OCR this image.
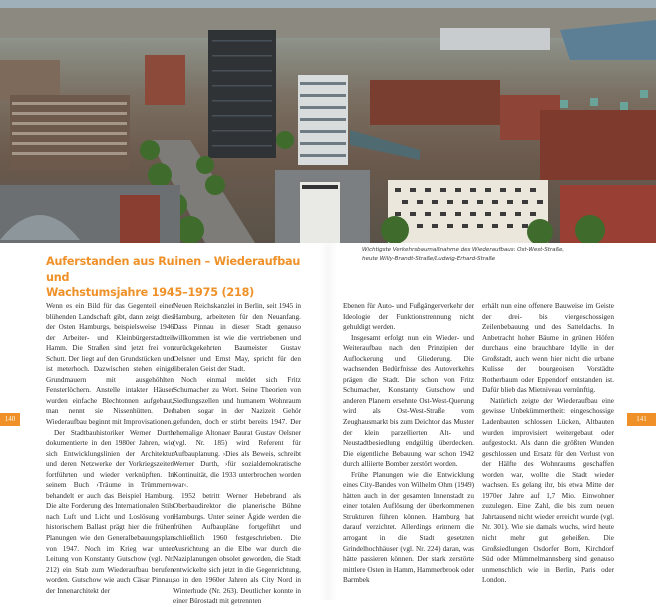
Wichtigste Verkehrsbaumaßnahme des Wiederaufbaus: Ost-West-Straße,
heute Willy-Brandt-Straße/Ludwig-Erhard-Straße
Auferstanden aus Ruinen – Wiederaufbau und
Wachstumsjahre 1945–1975 (218)

Wenn es ein Bild für das Gegenteil einer blühenden Landschaft gibt, dann zeigt dies der Osten Hamburgs, beispielsweise 1946 der Arbeiter- und Kleinbürgerstadtteil Hamm. Die Straßen sind jetzt frei von Schutt. Der liegt auf den Grundstücken und ist meterhoch. Dazwischen stehen einige Grundmauern mit ausgehöhlten Fensterlöchern. Anstelle intakter Häuser wurden einfache Blechtonnen aufgebaut, man nennt sie Nissenhütten. Der Wiederaufbau beginnt mit Improvisationen.

Der Stadtbauhistoriker Werner Durth dokumentierte in den 1980er Jahren, wie sich Entwicklungslinien der Architektur und deren Netzwerke der Vorkriegszeiten fortführten und wieder verknüpften. In seinem Buch ›Träume in Trümmern‹ behandelt er auch das Beispiel Hamburg. Die alte Forderung des Internationalen Stils nach Luft und Licht und Loslösung von historischem Ballast prägt hier die frühen Planungen wie den Generalbebauungsplan von 1947. Noch im Krieg war unter Leitung von Konstanty Gutschow (vgl. Nr. 212) ein Stab zum Wiederaufbau berufen worden. Gutschow wie auch Cäsar Pinnau, der Innenarchitekt der

Neuen Reichskanzlei in Berlin, seit 1945 in Hamburg, arbeiteten für den Neuanfang. Dass Pinnau in dieser Stadt genauso willkommen ist wie die vertriebenen und zurückgekehrten Baumeister Gustav Oelsner und Ernst May, spricht für den liberalen Geist der Stadt.

Noch einmal meldet sich Fritz Schumacher zu Wort. Seine Theorien von Siedlungszellen und humanem Wohnraum haben sogar in der Nazizeit Gehör gefunden, doch er stirbt bereits 1947. Der ehemalige Altonaer Baurat Gustav Oelsner (vgl. Nr. 185) wird Referent für Aufbauplanung. ›Dies als Beweis, schreibt Werner Durth, ›für sozialdemokratische Kontinuität, die 1933 unterbrochen worden war‹.

1952 betritt Werner Hebebrand als Oberbaudirektor die planerische Bühne Hamburgs. Unter seiner Ägide werden die frühen Aufbaupläne fortgeführt und schließlich 1960 festgeschrieben. Die Ausrichtung an die Elbe war durch die Naziplanungen obsolet geworden, die Stadt entwickelte sich jetzt in die Gegenrichtung, so in den 1960er Jahren als City Nord in Winterhude (Nr. 263). Deutlicher konnte in einer Bürostadt mit getrennten

Ebenen für Auto- und Fußgängerverkehr der Ideologie der Funktionstrennung nicht gehuldigt werden.

Insgesamt erfolgt nun ein Wieder- und Weiteraufbau nach den Prinzipien der Auflockerung und Gliederung. Die wachsenden Bedürfnisse des Autoverkehrs prägen die Stadt. Die schon von Fritz Schumacher, Konstanty Gutschow und anderen Planern ersehnte Ost-West-Querung wird als Ost-West-Straße vom Zeughausmarkt bis zum Deichtor das Muster der klein parzellierten Alt- und Neustadtbesiedlung endgültig überdecken. Die eigentliche Bebauung war schon 1942 durch alliierte Bomber zerstört worden.

Frühe Planungen wie die Entwicklung eines City-Bandes von Wilhelm Ohm (1949) hätten auch in der gesamten Innenstadt zu einer totalen Auflösung der überkommenen Strukturen führen können. Hamburg hat darauf verzichtet. Allerdings erinnern die arrogant in die Stadt gesetzten Grindelhochhäuser (vgl. Nr. 224) daran, was hätte passieren können. Der stark zerstörte mittlere Osten in Hamm, Hammerbrook oder Barmbek

erhält nun eine offenere Bauweise im Geiste der drei- bis viergeschossigen Zeilenbebauung und des Satteldachs. In Anbetracht hoher Bäume in grünen Höfen durchaus eine brauchbare Idylle in der Großstadt, auch wenn hier nicht die urbane Kulisse der bourgeoisen Vorstädte Rotherbaum oder Eppendorf entstanden ist. Dafür blieb das Mietniveau vernünftig.

Natürlich zeigte der Wiederaufbau eine gewisse Unbekümmertheit: eingeschossige Ladenbauten schlossen Lücken, Altbauten wurden improvisiert weitergebaut oder aufgestockt. Als dann die größten Wunden geschlossen und Ersatz für den Verlust von der Hälfte des Wohnraums geschaffen worden war, wollte die Stadt wieder wachsen. Es gelang ihr, bis etwa Mitte der 1970er Jahre auf 1,7 Mio. Einwohner zuzulegen. Eine Zahl, die bis zum neuen Jahrtausend nicht wieder erreicht wurde (vgl. Nr. 301). Wie sie damals wuchs, wird heute nicht mehr gut geheißen. Die Großsiedlungen Osdorfer Born, Kirchdorf Süd oder Mümmelmannsberg sind genauso unmenschlich wie in Berlin, Paris oder London.

140	141
